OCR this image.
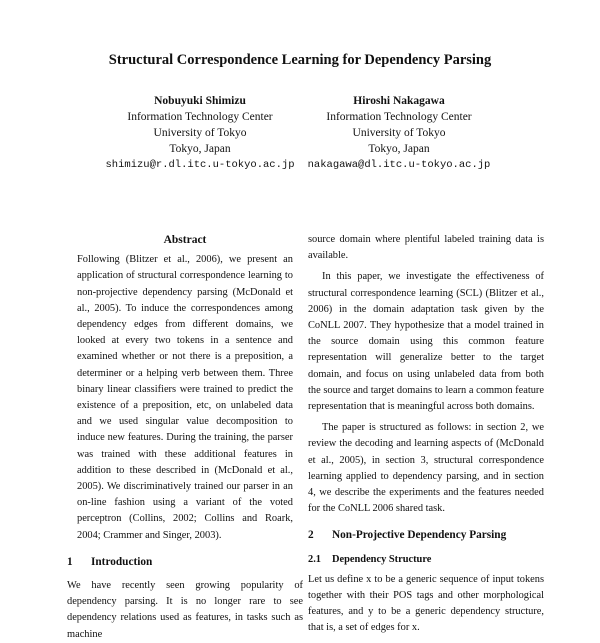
Structural Correspondence Learning for Dependency Parsing
Nobuyuki Shimizu
Information Technology Center
University of Tokyo
Tokyo, Japan
shimizu@r.dl.itc.u-tokyo.ac.jp
Hiroshi Nakagawa
Information Technology Center
University of Tokyo
Tokyo, Japan
nakagawa@dl.itc.u-tokyo.ac.jp
Abstract

Following (Blitzer et al., 2006), we present an application of structural correspondence learning to non-projective dependency parsing (McDonald et al., 2005). To induce the correspondences among dependency edges from different domains, we looked at every two tokens in a sentence and examined whether or not there is a preposition, a determiner or a helping verb between them. Three binary linear classifiers were trained to predict the existence of a preposition, etc, on unlabeled data and we used singular value decomposition to induce new features. During the training, the parser was trained with these additional features in addition to these described in (McDonald et al., 2005). We discriminatively trained our parser in an on-line fashion using a variant of the voted perceptron (Collins, 2002; Collins and Roark, 2004; Crammer and Singer, 2003).

1 Introduction

We have recently seen growing popularity of dependency parsing. It is no longer rare to see dependency relations used as features, in tasks such as machine

source domain where plentiful labeled training data is available.

In this paper, we investigate the effectiveness of structural correspondence learning (SCL) (Blitzer et al., 2006) in the domain adaptation task given by the CoNLL 2007. They hypothesize that a model trained in the source domain using this common feature representation will generalize better to the target domain, and focus on using unlabeled data from both the source and target domains to learn a common feature representation that is meaningful across both domains.

The paper is structured as follows: in section 2, we review the decoding and learning aspects of (McDonald et al., 2005), in section 3, structural correspondence learning applied to dependency parsing, and in section 4, we describe the experiments and the features needed for the CoNLL 2006 shared task.

2 Non-Projective Dependency Parsing
2.1 Dependency Structure

Let us define x to be a generic sequence of input tokens together with their POS tags and other morphological features, and y to be a generic dependency structure, that is, a set of edges for x.
